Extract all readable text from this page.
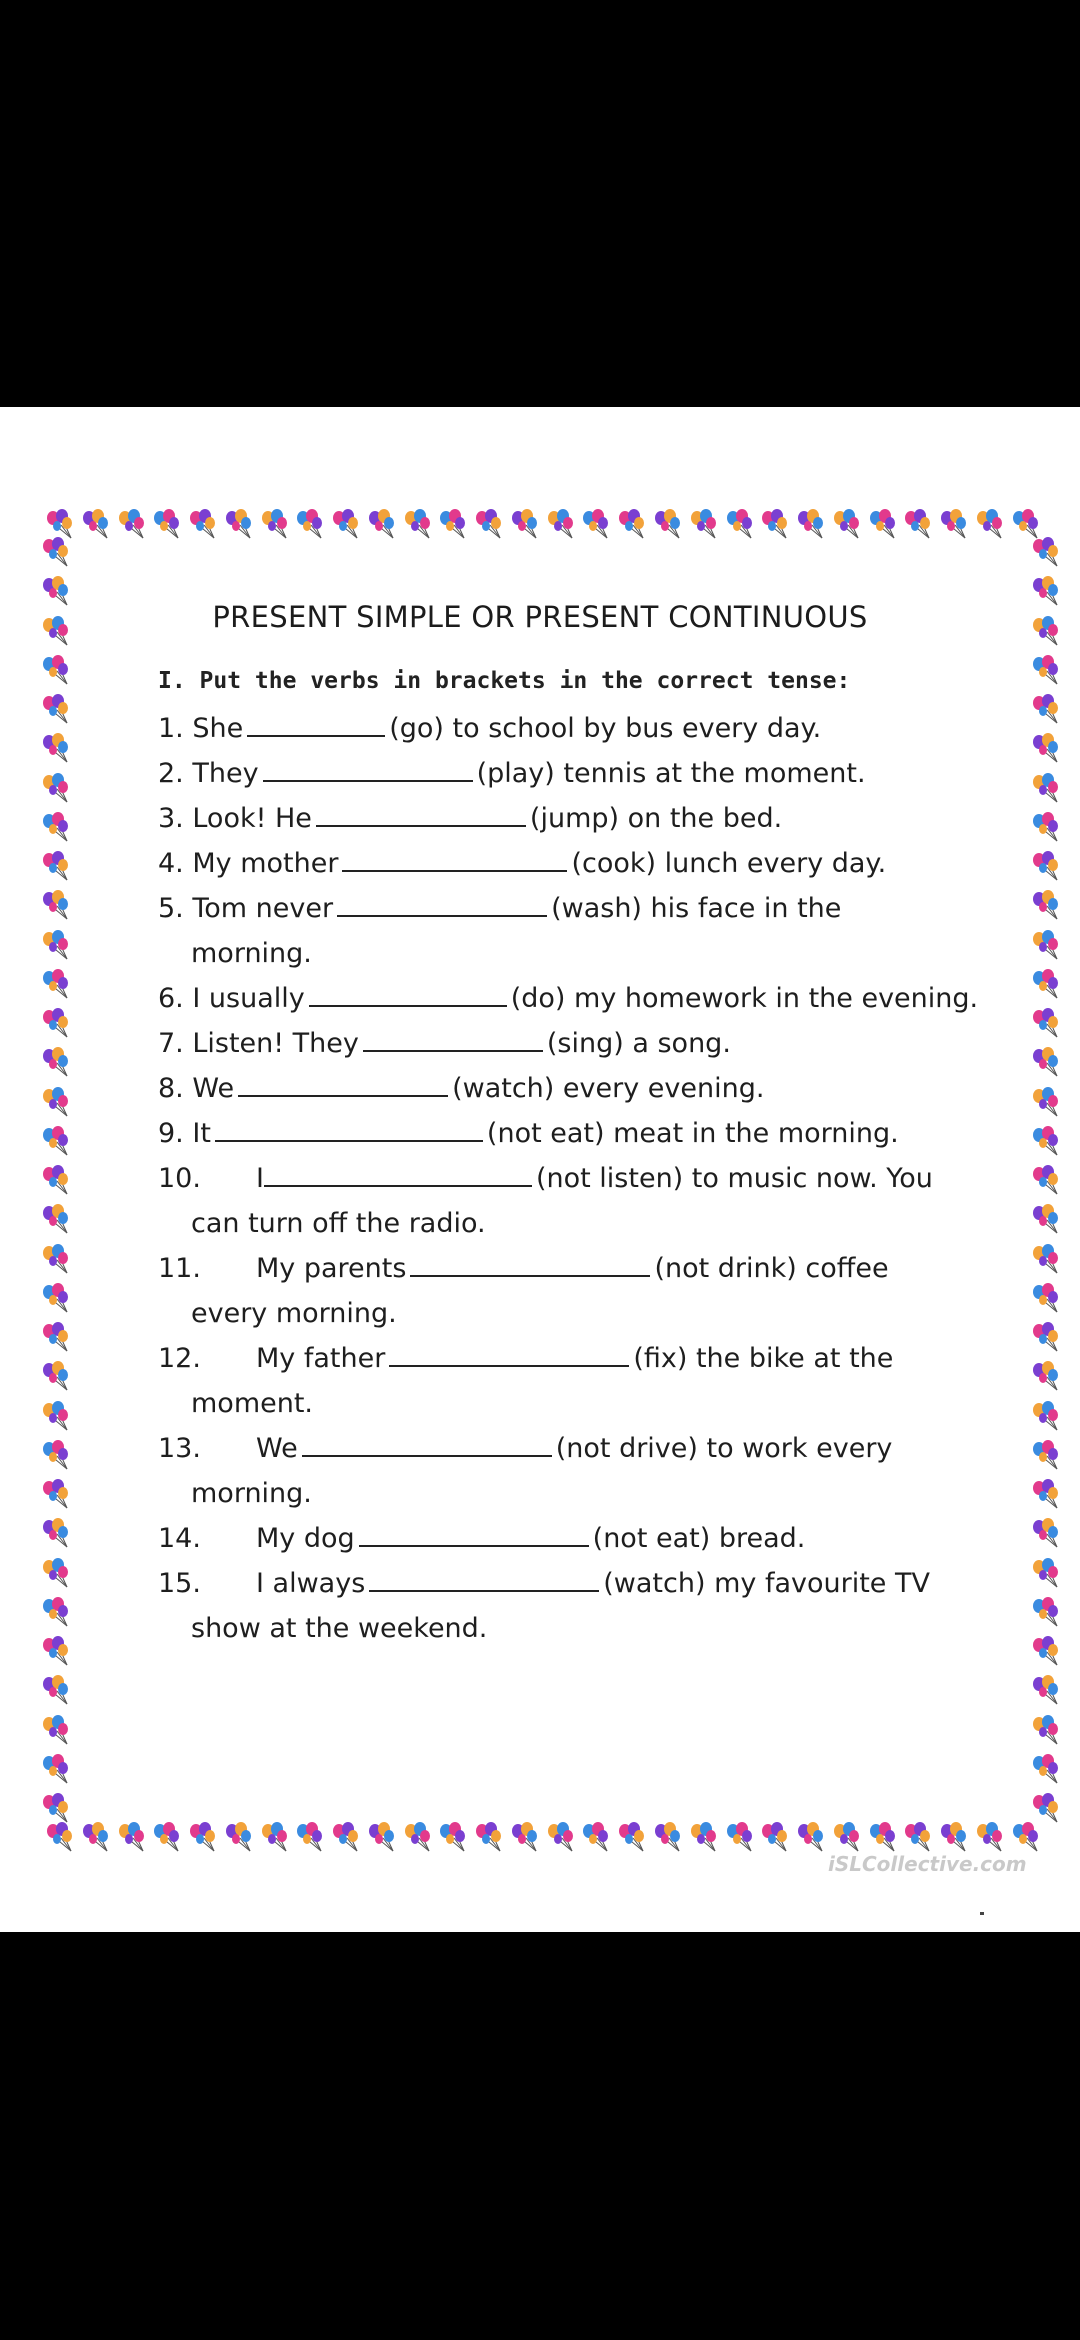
PRESENT SIMPLE OR PRESENT CONTINUOUS
I. Put the verbs in brackets in the correct tense:
1. She	(go) to school by bus every day.
2. They	(play) tennis at the moment.
3. Look! He	(jump) on the bed.
4. My mother	(cook) lunch every day.
5. Tom never	(wash) his face in the
morning.
6. I usually	(do) my homework in the evening.
7. Listen! They	(sing) a song.
8. We	(watch) every evening.
9. It	(not eat) meat in the morning.
10. I	(not listen) to music now. You
can turn off the radio.
11. My parents	(not drink) coffee
every morning.
12. My father	(fix) the bike at the
moment.
13. We	(not drive) to work every
morning.
14. My dog	(not eat) bread.
15. I always	(watch) my favourite TV
show at the weekend.
iSLCollective.com
